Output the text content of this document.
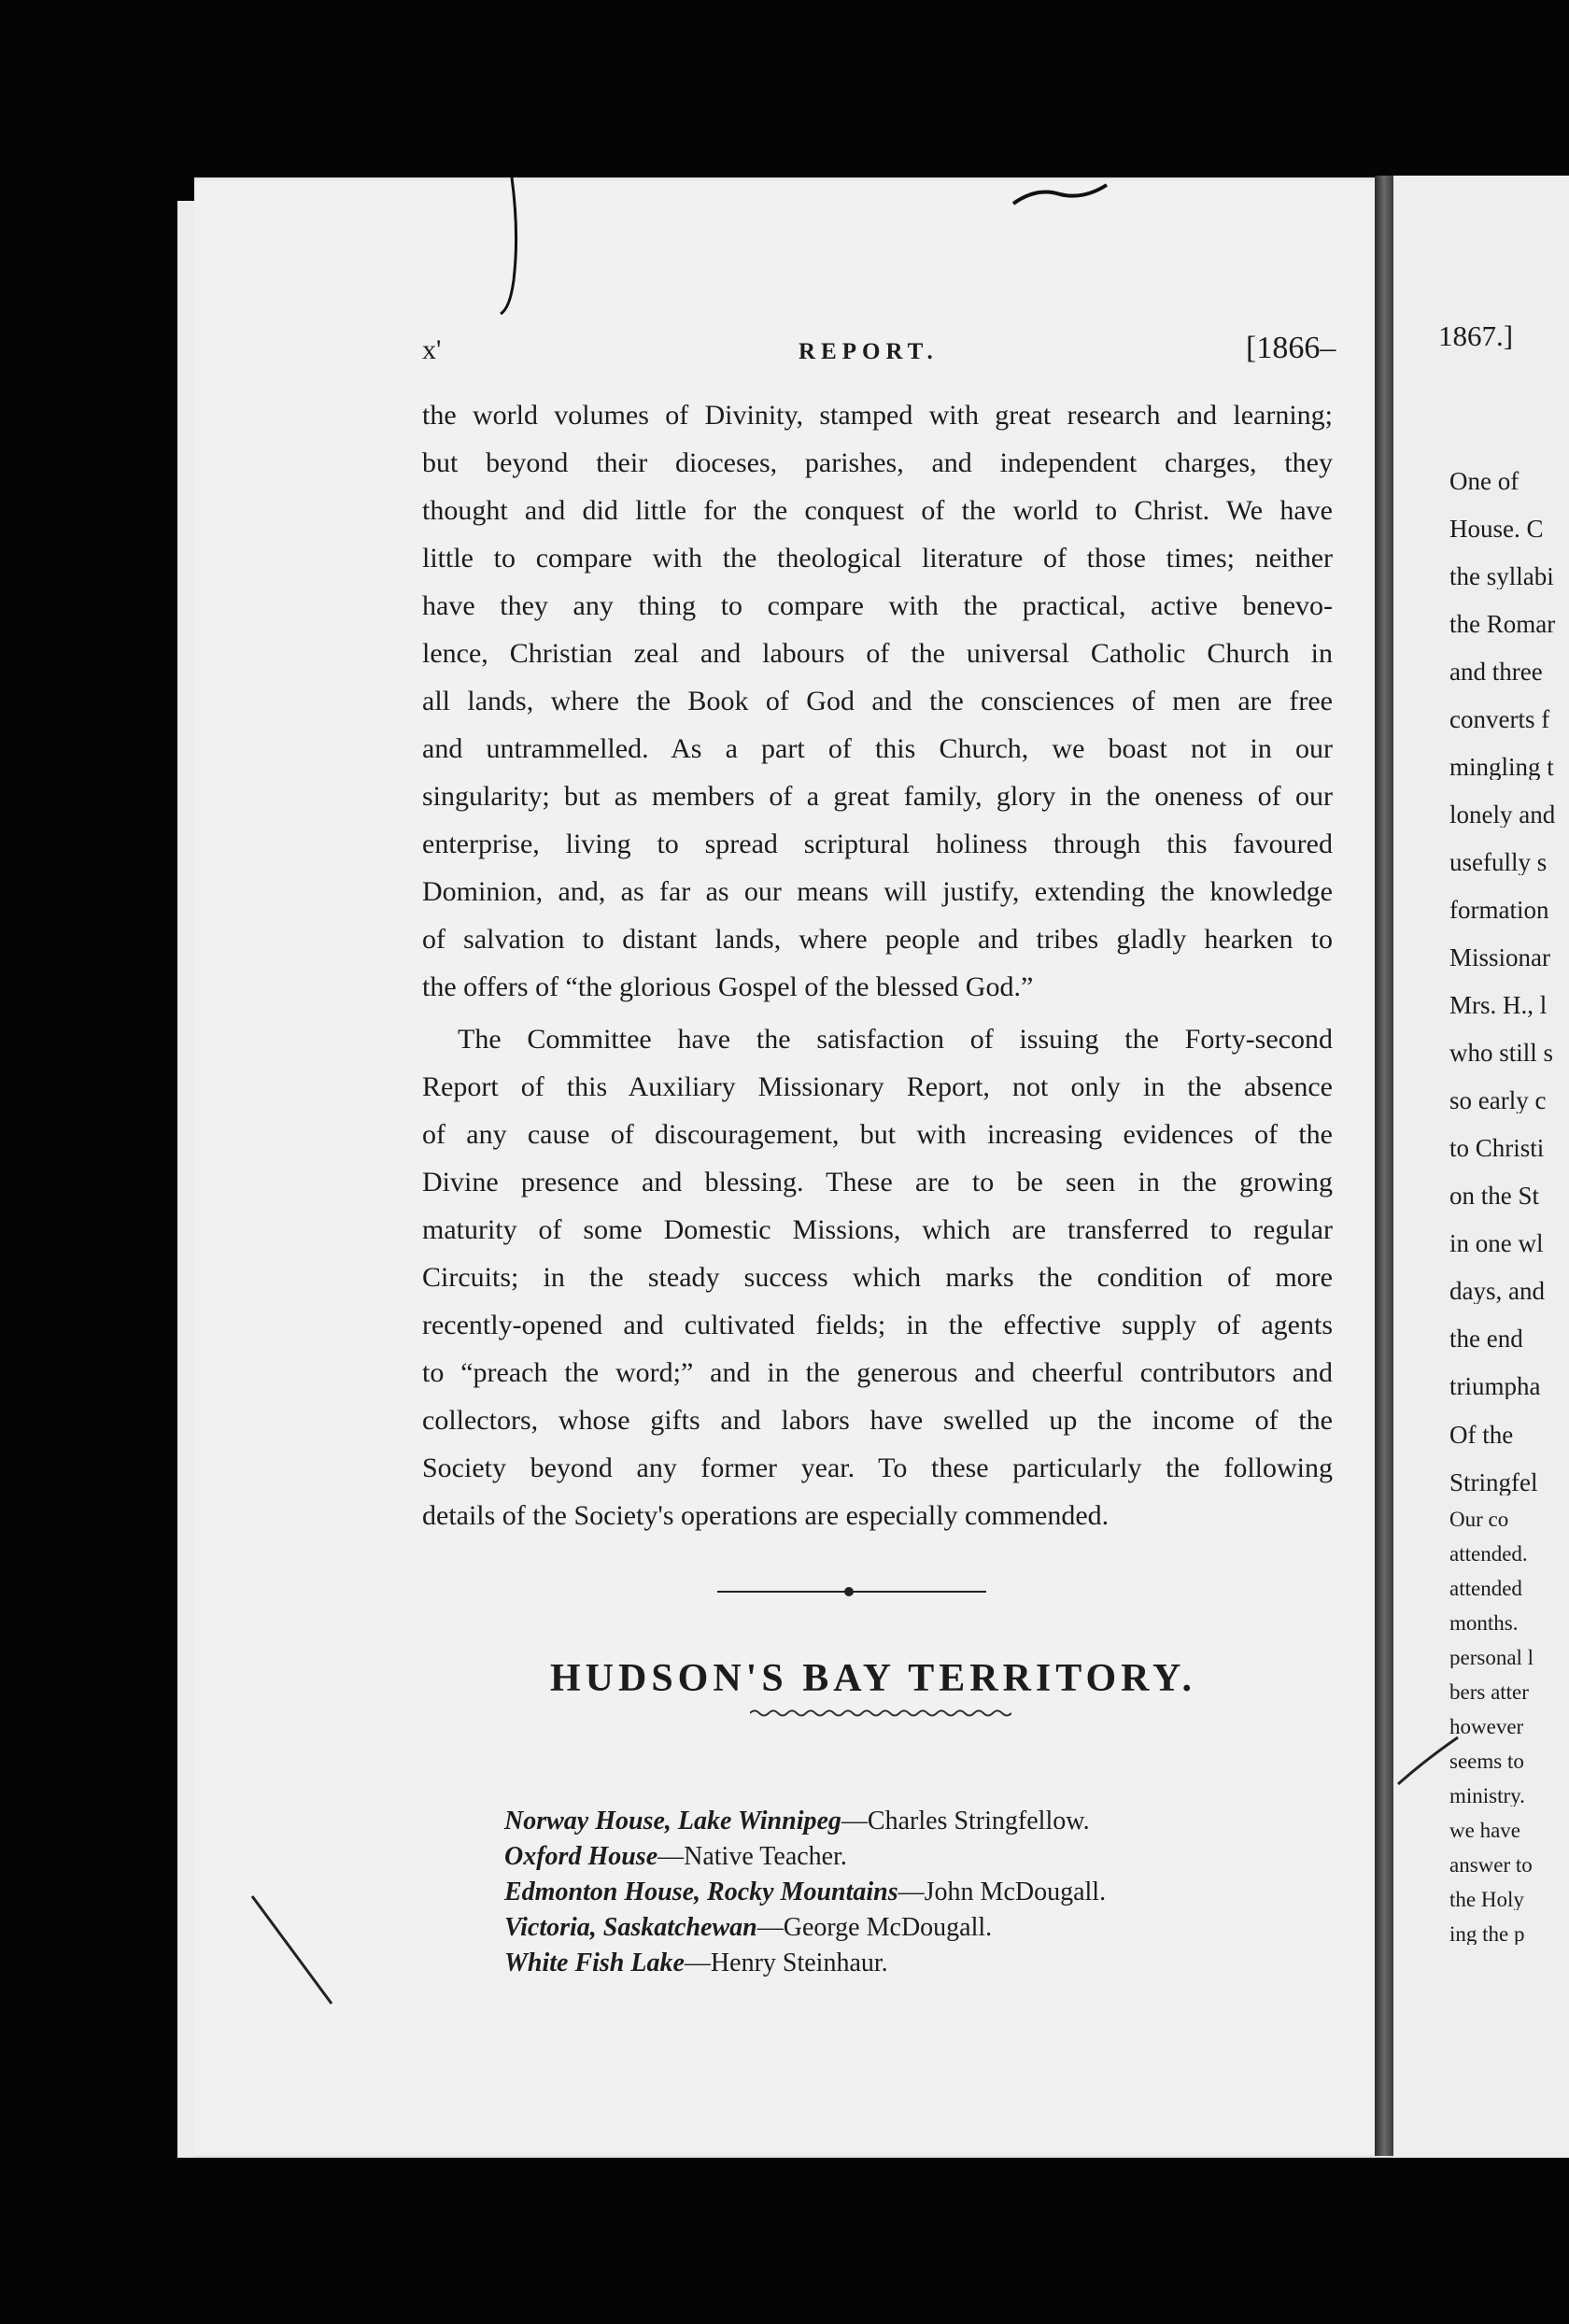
x'	REPORT.	[1866–
the world volumes of Divinity, stamped with great research and learning;
but beyond their dioceses, parishes, and independent charges, they
thought and did little for the conquest of the world to Christ. We have
little to compare with the theological literature of those times; neither
have they any thing to compare with the practical, active benevo-
lence, Christian zeal and labours of the universal Catholic Church in
all lands, where the Book of God and the consciences of men are free
and untrammelled. As a part of this Church, we boast not in our
singularity; but as members of a great family, glory in the oneness of our
enterprise, living to spread scriptural holiness through this favoured
Dominion, and, as far as our means will justify, extending the knowledge
of salvation to distant lands, where people and tribes gladly hearken to
the offers of “the glorious Gospel of the blessed God.”
The Committee have the satisfaction of issuing the Forty-second
Report of this Auxiliary Missionary Report, not only in the absence
of any cause of discouragement, but with increasing evidences of the
Divine presence and blessing. These are to be seen in the growing
maturity of some Domestic Missions, which are transferred to regular
Circuits; in the steady success which marks the condition of more
recently-opened and cultivated fields; in the effective supply of agents
to “preach the word;” and in the generous and cheerful contributors and
collectors, whose gifts and labors have swelled up the income of the
Society beyond any former year. To these particularly the following
details of the Society's operations are especially commended.
HUDSON'S BAY TERRITORY.
Norway House, Lake Winnipeg—Charles Stringfellow.
Oxford House—Native Teacher.
Edmonton House, Rocky Mountains—John McDougall.
Victoria, Saskatchewan—George McDougall.
White Fish Lake—Henry Steinhaur.
1867.]
One of
House. C
the syllabi
the Romar
and three
converts f
mingling t
lonely and
usefully s
formation
Missionar
Mrs. H., l
who still s
so early c
to Christi
on the St
in one wl
days, and
the end
triumpha
Of the
Stringfel
Our co
attended.
attended
months.
personal l
bers atter
however
seems to
ministry.
we have
answer to
the Holy
ing the p
